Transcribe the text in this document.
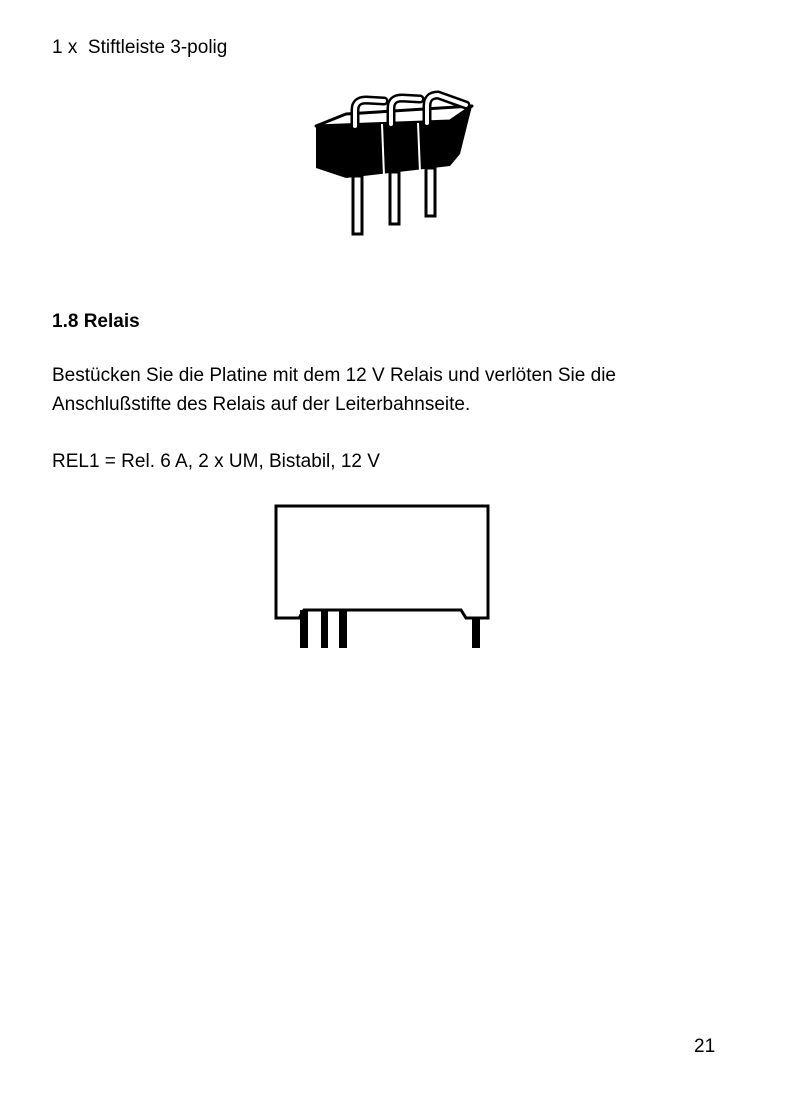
1 x Stiftleiste 3-polig

1.8 Relais

Bestücken Sie die Platine mit dem 12 V Relais und verlöten Sie die

Anschlußstifte des Relais auf der Leiterbahnseite.

REL1 = Rel. 6 A, 2 x UM, Bistabil, 12 V

21
